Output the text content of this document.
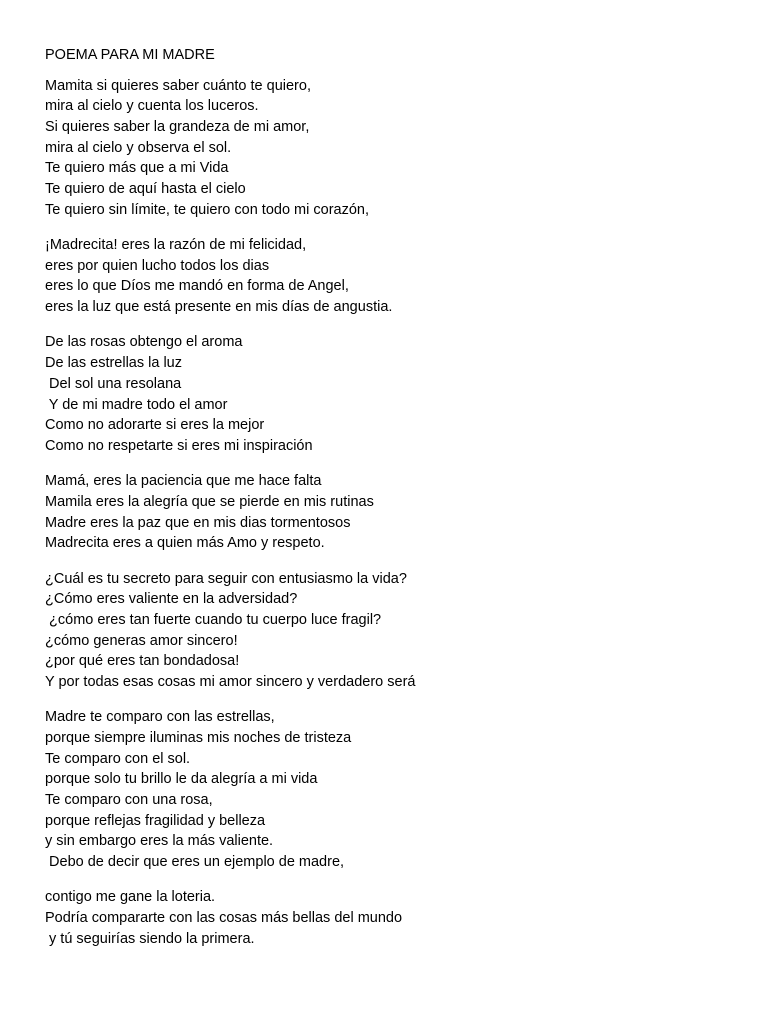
POEMA PARA MI MADRE
Mamita si quieres saber cuánto te quiero,
mira al cielo y cuenta los luceros.
Si quieres saber la grandeza de mi amor,
mira al cielo y observa el sol.
Te quiero más que a mi Vida
Te quiero de aquí hasta el cielo
Te quiero sin límite, te quiero con todo mi corazón,
¡Madrecita! eres la razón de mi felicidad,
eres por quien lucho todos los dias
eres lo que Díos me mandó en forma de Angel,
eres la luz que está presente en mis días de angustia.
De las rosas obtengo el aroma
De las estrellas la luz
Del sol una resolana
Y de mi madre todo el amor
Como no adorarte si eres la mejor
Como no respetarte si eres mi inspiración
Mamá, eres la paciencia que me hace falta
Mamila eres la alegría que se pierde en mis rutinas
Madre eres la paz que en mis dias tormentosos
Madrecita eres a quien más Amo y respeto.
¿Cuál es tu secreto para seguir con entusiasmo la vida?
¿Cómo eres valiente en la adversidad?
¿cómo eres tan fuerte cuando tu cuerpo luce fragil?
¿cómo generas amor sincero!
¿por qué eres tan bondadosa!
Y por todas esas cosas mi amor sincero y verdadero será
Madre te comparo con las estrellas,
porque siempre iluminas mis noches de tristeza
Te comparo con el sol.
porque solo tu brillo le da alegría a mi vida
Te comparo con una rosa,
porque reflejas fragilidad y belleza
y sin embargo eres la más valiente.
Debo de decir que eres un ejemplo de madre,
contigo me gane la loteria.
Podría compararte con las cosas más bellas del mundo
y tú seguirías siendo la primera.
